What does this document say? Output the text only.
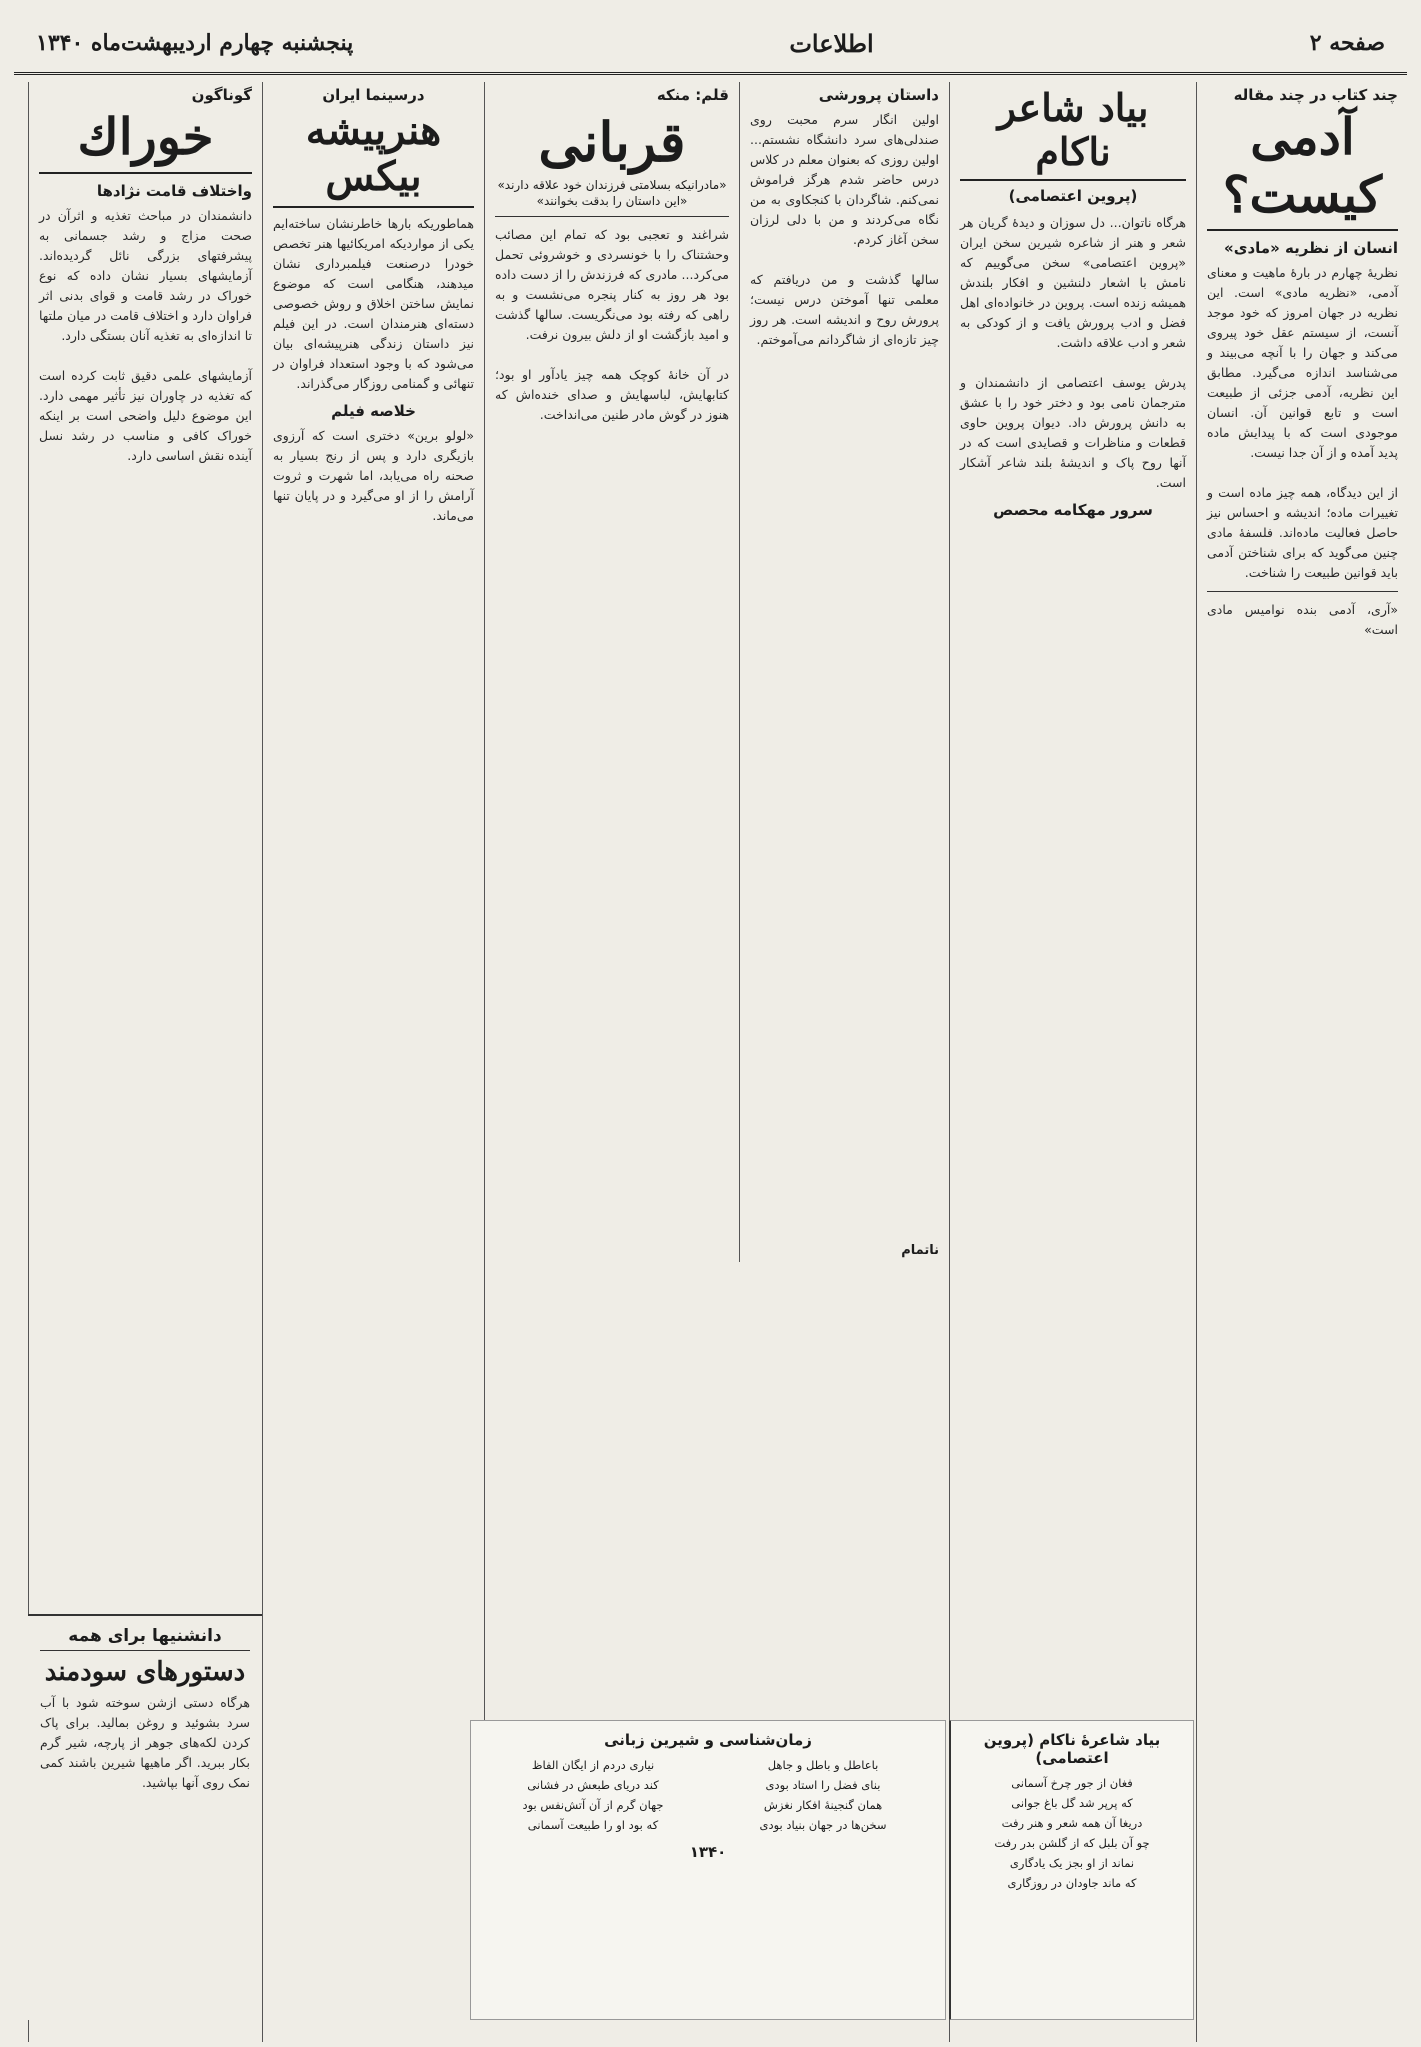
صفحه ۲
اطلاعات
پنجشنبه چهارم اردیبهشت‌ماه ۱۳۴۰
چند کتاب در چند مقاله
آدمی کیست؟
انسان از نظریه «مادی»
نظریهٔ چهارم در بارهٔ ماهیت و معنای آدمی، «نظریه مادی» است. این نظریه در جهان امروز که خود موجد آنست، از سیستم عقل خود پیروی می‌کند و جهان را با آنچه می‌بیند و می‌شناسد اندازه می‌گیرد. مطابق این نظریه، آدمی جزئی از طبیعت است و تابع قوانین آن. انسان موجودی است که با پیدایش ماده پدید آمده و از آن جدا نیست.

از این دیدگاه، همه چیز ماده است و تغییرات ماده؛ اندیشه و احساس نیز حاصل فعالیت ماده‌اند. فلسفهٔ مادی چنین می‌گوید که برای شناختن آدمی باید قوانین طبیعت را شناخت.
«آری، آدمی بنده نوامیس مادی است»
بیاد شاعر ناکام
(پروین اعتصامی)
هرگاه ناتوان... دل سوزان و دیدهٔ گریان هر شعر و هنر از شاعره شیرین سخن ایران «پروین اعتصامی» سخن می‌گوییم که نامش با اشعار دلنشین و افکار بلندش همیشه زنده است. پروین در خانواده‌ای اهل فضل و ادب پرورش یافت و از کودکی به شعر و ادب علاقه داشت.

پدرش یوسف اعتصامی از دانشمندان و مترجمان نامی بود و دختر خود را با عشق به دانش پرورش داد. دیوان پروین حاوی قطعات و مناظرات و قصایدی است که در آنها روح پاک و اندیشهٔ بلند شاعر آشکار است.
سرور مهکامه محصص
داستان پرورشی
اولین انگار سرم محبت روی صندلی‌های سرد دانشگاه نشستم... اولین روزی که بعنوان معلم در کلاس درس حاضر شدم هرگز فراموش نمی‌کنم. شاگردان با کنجکاوی به من نگاه می‌کردند و من با دلی لرزان سخن آغاز کردم.

سالها گذشت و من دریافتم که معلمی تنها آموختن درس نیست؛ پرورش روح و اندیشه است. هر روز چیز تازه‌ای از شاگردانم می‌آموختم.
ناتمام
قلم: منکه
قربانی
«مادرانیکه بسلامتی فرزندان خود علاقه دارند»
«این داستان را بدقت بخوانند»
شراغند و تعجبی بود که تمام این مصائب وحشتناک را با خونسردی و خوشروئی تحمل می‌کرد... مادری که فرزندش را از دست داده بود هر روز به کنار پنجره می‌نشست و به راهی که رفته بود می‌نگریست. سالها گذشت و امید بازگشت او از دلش بیرون نرفت.

در آن خانهٔ کوچک همه چیز یادآور او بود؛ کتابهایش، لباسهایش و صدای خنده‌اش که هنوز در گوش مادر طنین می‌انداخت.
درسینما ایران
هنرپیشه بیکس
هماطوریکه بارها خاطرنشان ساخته‌ایم یکی از مواردیکه امریکائیها هنر تخصص خودرا درصنعت فیلمبرداری نشان میدهند، هنگامی است که موضوع نمایش ساختن اخلاق و روش خصوصی دسته‌ای هنرمندان است. در این فیلم نیز داستان زندگی هنرپیشه‌ای بیان می‌شود که با وجود استعداد فراوان در تنهائی و گمنامی روزگار می‌گذراند.
خلاصه فیلم
«لولو برین» دختری است که آرزوی بازیگری دارد و پس از رنج بسیار به صحنه راه می‌یابد، اما شهرت و ثروت آرامش را از او می‌گیرد و در پایان تنها می‌ماند.
گوناگون
خوراك
واختلاف قامت نژادها
دانشمندان در مباحث تغذیه و اثرآن در صحت مزاج و رشد جسمانی به پیشرفتهای بزرگی نائل گردیده‌اند. آزمایشهای بسیار نشان داده که نوع خوراک در رشد قامت و قوای بدنی اثر فراوان دارد و اختلاف قامت در میان ملتها تا اندازه‌ای به تغذیه آنان بستگی دارد.

آزمایشهای علمی دقیق ثابت کرده است که تغذیه در چاوران نیز تأثیر مهمی دارد. این موضوع دلیل واضحی است بر اینکه خوراک کافی و مناسب در رشد نسل آینده نقش اساسی دارد.
زمان‌شناسی و شیرین زبانی
باعاطل و باطل و جاهل
بنای فضل را استاد بودی
همان گنجینهٔ افکار نغزش
سخن‌ها در جهان بنیاد بودی
نیاری دردم از ایگان الفاظ
کند دریای طبعش در فشانی
جهان گرم از آن آتش‌نفس بود
که بود او را طبیعت آسمانی
۱۳۴۰
بیاد شاعرهٔ ناکام (پروین اعتصامی)
فغان از جور چرخ آسمانی
که پرپر شد گل باغ جوانی
دریغا آن همه شعر و هنر رفت
چو آن بلبل که از گلشن بدر رفت
نماند از او بجز یک یادگاری
که ماند جاودان در روزگاری
دانشنیها برای همه
دستورهای سودمند
هرگاه دستی ازشن سوخته شود با آب سرد بشوئید و روغن بمالید. برای پاک کردن لکه‌های جوهر از پارچه، شیر گرم بکار ببرید. اگر ماهیها شیرین باشند کمی نمک روی آنها بپاشید.
